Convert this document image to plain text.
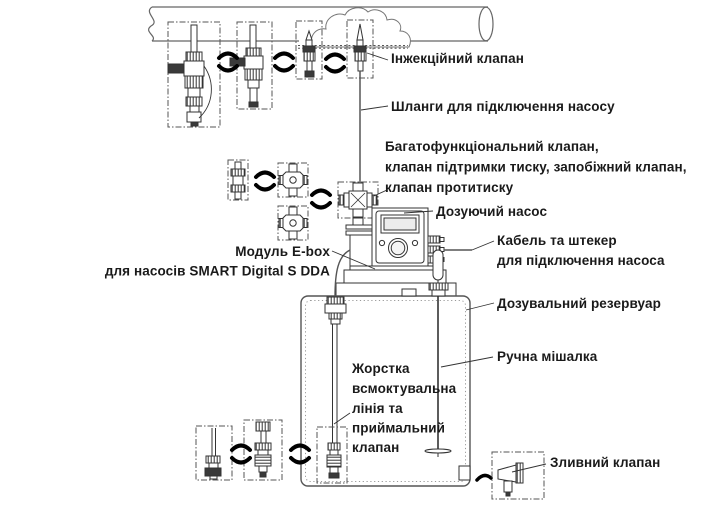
Інжекційний клапан
Шланги для підключення насосу
Багатофункціональний клапан,
клапан підтримки тиску, запобіжний клапан,
клапан протитиску
Дозуючий насос
Кабель та штекер
для підключення насоса
Модуль E-box
для насосів SMART Digital S DDA
Дозувальний резервуар
Ручна мішалка
Жорстка
всмоктувальна
лінія та
приймальний
клапан
Зливний клапан
